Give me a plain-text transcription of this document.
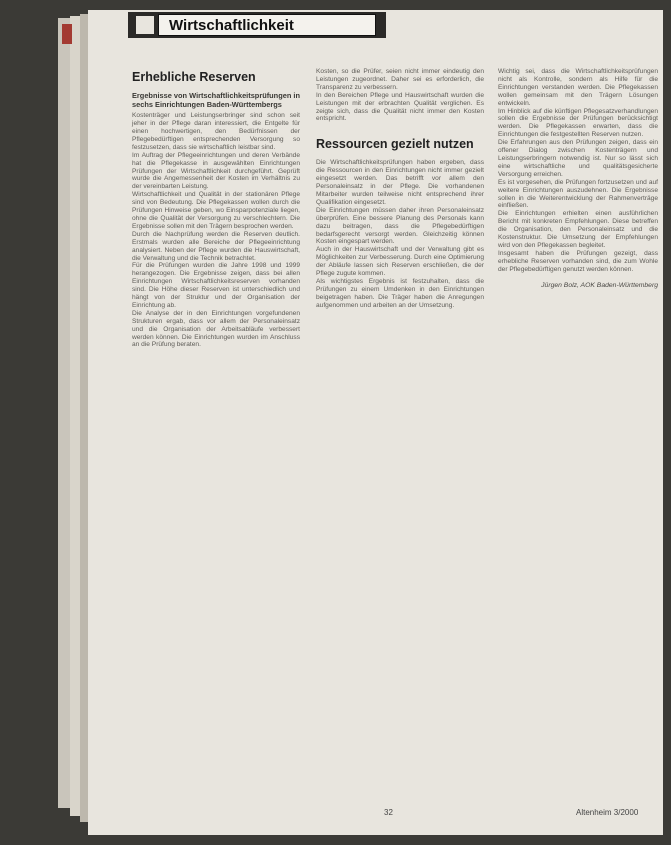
Wirtschaftlichkeit
Erhebliche Reserven
Ergebnisse von Wirtschaftlichkeitsprüfungen in sechs Einrichtungen Baden-Württembergs

Kostenträger und Leistungserbringer sind schon seit jeher in der Pflege daran interessiert, die Entgelte für einen hochwertigen, den Bedürfnissen der Pflegebedürftigen entsprechenden Versorgung so festzusetzen, dass sie wirtschaftlich leistbar sind.

Im Auftrag der Pflegeeinrichtungen und deren Verbände hat die Pflegekasse in ausgewählten Einrichtungen Prüfungen der Wirtschaftlichkeit durchgeführt. Geprüft wurde die Angemessenheit der Kosten im Verhältnis zu der vereinbarten Leistung.

Wirtschaftlichkeit und Qualität in der stationären Pflege sind von Bedeutung. Die Pflegekassen wollen durch die Prüfungen Hinweise geben, wo Einsparpotenziale liegen, ohne die Qualität der Versorgung zu verschlechtern. Die Ergebnisse sollen mit den Trägern besprochen werden.

Durch die Nachprüfung werden die Reserven deutlich. Erstmals wurden alle Bereiche der Pflegeeinrichtung analysiert. Neben der Pflege wurden die Hauswirtschaft, die Verwaltung und die Technik betrachtet.

Für die Prüfungen wurden die Jahre 1998 und 1999 herangezogen. Die Ergebnisse zeigen, dass bei allen Einrichtungen Wirtschaftlichkeitsreserven vorhanden sind. Die Höhe dieser Reserven ist unterschiedlich und hängt von der Struktur und der Organisation der Einrichtung ab.

Die Analyse der in den Einrichtungen vorgefundenen Strukturen ergab, dass vor allem der Personaleinsatz und die Organisation der Arbeitsabläufe verbessert werden können. Die Einrichtungen wurden im Anschluss an die Prüfung beraten.

Kosten, so die Prüfer, seien nicht immer eindeutig den Leistungen zugeordnet. Daher sei es erforderlich, die Transparenz zu verbessern.

In den Bereichen Pflege und Hauswirtschaft wurden die Leistungen mit der erbrachten Qualität verglichen. Es zeigte sich, dass die Qualität nicht immer den Kosten entspricht.

Ressourcen gezielt nutzen

Die Wirtschaftlichkeitsprüfungen haben ergeben, dass die Ressourcen in den Einrichtungen nicht immer gezielt eingesetzt werden. Das betrifft vor allem den Personaleinsatz in der Pflege. Die vorhandenen Mitarbeiter wurden teilweise nicht entsprechend ihrer Qualifikation eingesetzt.

Die Einrichtungen müssen daher ihren Personaleinsatz überprüfen. Eine bessere Planung des Personals kann dazu beitragen, dass die Pflegebedürftigen bedarfsgerecht versorgt werden. Gleichzeitig können Kosten eingespart werden.

Auch in der Hauswirtschaft und der Verwaltung gibt es Möglichkeiten zur Verbesserung. Durch eine Optimierung der Abläufe lassen sich Reserven erschließen, die der Pflege zugute kommen.

Als wichtigstes Ergebnis ist festzuhalten, dass die Prüfungen zu einem Umdenken in den Einrichtungen beigetragen haben. Die Träger haben die Anregungen aufgenommen und arbeiten an der Umsetzung.

Wichtig sei, dass die Wirtschaftlichkeitsprüfungen nicht als Kontrolle, sondern als Hilfe für die Einrichtungen verstanden werden. Die Pflegekassen wollen gemeinsam mit den Trägern Lösungen entwickeln.

Im Hinblick auf die künftigen Pflegesatzverhandlungen sollen die Ergebnisse der Prüfungen berücksichtigt werden. Die Pflegekassen erwarten, dass die Einrichtungen die festgestellten Reserven nutzen.

Die Erfahrungen aus den Prüfungen zeigen, dass ein offener Dialog zwischen Kostenträgern und Leistungserbringern notwendig ist. Nur so lässt sich eine wirtschaftliche und qualitätsgesicherte Versorgung erreichen.

Es ist vorgesehen, die Prüfungen fortzusetzen und auf weitere Einrichtungen auszudehnen. Die Ergebnisse sollen in die Weiterentwicklung der Rahmenverträge einfließen.

Die Einrichtungen erhielten einen ausführlichen Bericht mit konkreten Empfehlungen. Diese betreffen die Organisation, den Personaleinsatz und die Kostenstruktur. Die Umsetzung der Empfehlungen wird von den Pflegekassen begleitet.

Insgesamt haben die Prüfungen gezeigt, dass erhebliche Reserven vorhanden sind, die zum Wohle der Pflegebedürftigen genutzt werden können.

Jürgen Bolz, AOK Baden-Württemberg
32	Altenheim 3/2000
